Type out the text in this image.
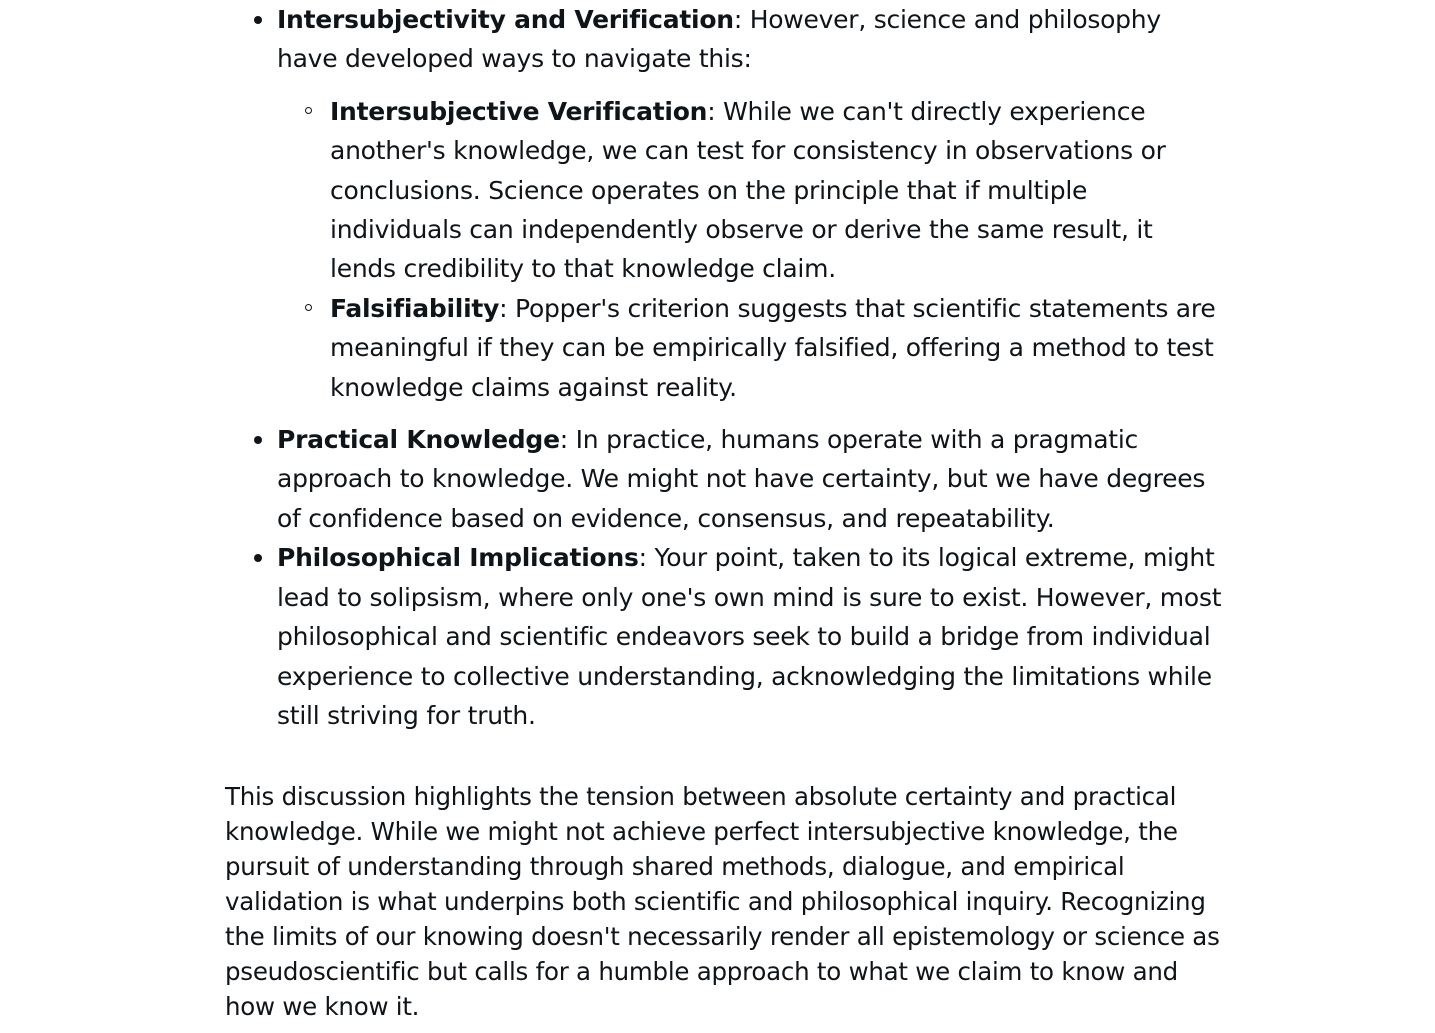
Intersubjectivity and Verification: However, science and philosophy have developed ways to navigate this:
Intersubjective Verification: While we can't directly experience another's knowledge, we can test for consistency in observations or conclusions. Science operates on the principle that if multiple individuals can independently observe or derive the same result, it lends credibility to that knowledge claim.
Falsifiability: Popper's criterion suggests that scientific statements are meaningful if they can be empirically falsified, offering a method to test knowledge claims against reality.
Practical Knowledge: In practice, humans operate with a pragmatic approach to knowledge. We might not have certainty, but we have degrees of confidence based on evidence, consensus, and repeatability.
Philosophical Implications: Your point, taken to its logical extreme, might lead to solipsism, where only one's own mind is sure to exist. However, most philosophical and scientific endeavors seek to build a bridge from individual experience to collective understanding, acknowledging the limitations while still striving for truth.

This discussion highlights the tension between absolute certainty and practical knowledge. While we might not achieve perfect intersubjective knowledge, the pursuit of understanding through shared methods, dialogue, and empirical validation is what underpins both scientific and philosophical inquiry. Recognizing the limits of our knowing doesn't necessarily render all epistemology or science as pseudoscientific but calls for a humble approach to what we claim to know and how we know it.
